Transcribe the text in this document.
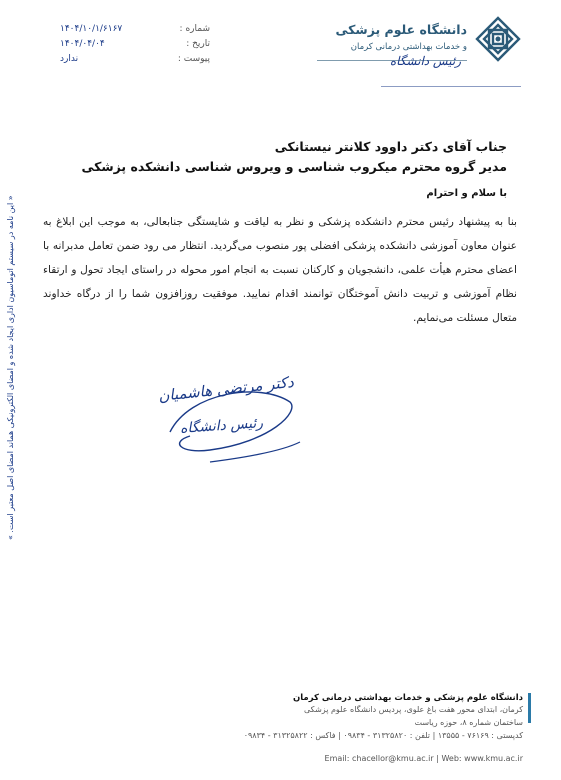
دانشگاه علوم پزشکی
و خدمات بهداشتی درمانی کرمان
رئیس دانشگاه
شماره :
۱۴۰۴/۱۰/۱/۶۱۶۷
تاریخ :
۱۴۰۴/۰۴/۰۴
پیوست :
ندارد
جناب آقای دکتر داوود کلانتر نیستانکی
مدیر گروه محترم میکروب شناسی و ویروس شناسی دانشکده پزشکی
با سلام و احترام
بنا به پیشنهاد رئیس محترم دانشکده پزشکی و نظر به لیاقت و شایستگی جنابعالی، به موجب این ابلاغ به عنوان معاون آموزشی دانشکده پزشکی افضلی پور منصوب می‌گردید. انتظار می رود ضمن تعامل مدبرانه با اعضای محترم هیأت علمی، دانشجویان و کارکنان نسبت به انجام امور محوله در راستای ایجاد تحول و ارتقاء نظام آموزشی و تربیت دانش آموختگان توانمند اقدام نمایید. موفقیت روزافزون شما را از درگاه خداوند متعال مسئلت می‌نمایم.
دکتر مرتضی هاشمیان
رئیس دانشگاه
« این نامه در سیستم اتوماسیون اداری ایجاد شده و امضای الکترونیکی هماند امضای اصل معتبر است. »
دانشگاه علوم پزشکی و خدمات بهداشتی درمانی کرمان
کرمان، ابتدای محور هفت باغ علوی، پردیس دانشگاه علوم پزشکی
ساختمان شماره ۸، حوزه ریاست
کدپستی : ۷۶۱۶۹ - ۱۳۵۵۵ | تلفن : ۳۱۳۲۵۸۲۰ - ۰۹۸۳۴ | فاکس : ۳۱۳۲۵۸۲۲ - ۰۹۸۳۴
Email: chacellor@kmu.ac.ir | Web: www.kmu.ac.ir
